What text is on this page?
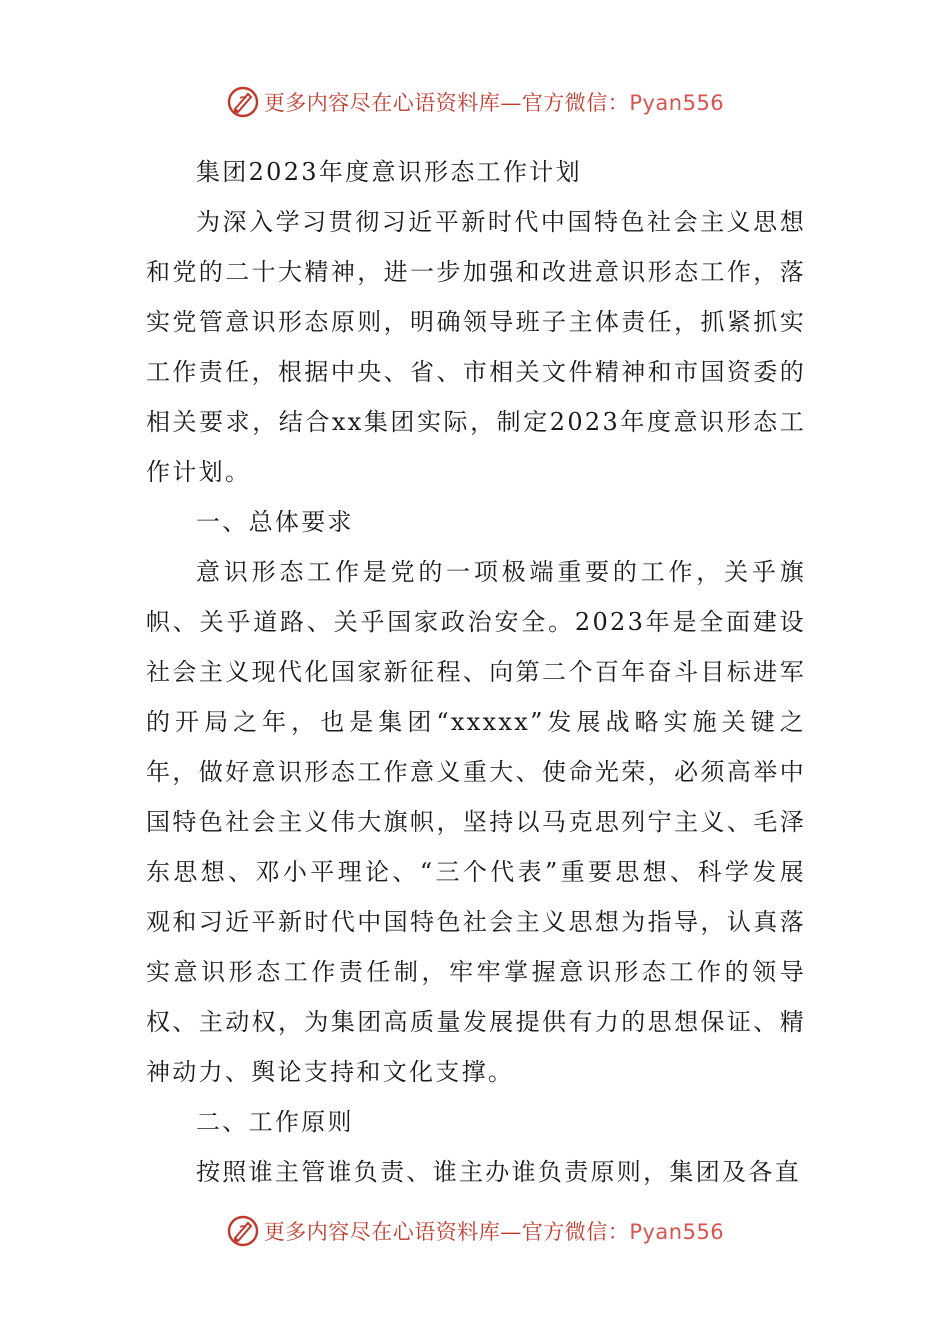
更多内容尽在心语资料库—官方微信：Pyan556

集团2023年度意识形态工作计划

为深入学习贯彻习近平新时代中国特色社会主义思想和党的二十大精神，进一步加强和改进意识形态工作，落实党管意识形态原则，明确领导班子主体责任，抓紧抓实工作责任，根据中央、省、市相关文件精神和市国资委的相关要求，结合xx集团实际，制定2023年度意识形态工作计划。

一、总体要求

意识形态工作是党的一项极端重要的工作，关乎旗帜、关乎道路、关乎国家政治安全。2023年是全面建设社会主义现代化国家新征程、向第二个百年奋斗目标进军的开局之年，也是集团“xxxxx”发展战略实施关键之年，做好意识形态工作意义重大、使命光荣，必须高举中国特色社会主义伟大旗帜，坚持以马克思列宁主义、毛泽东思想、邓小平理论、“三个代表”重要思想、科学发展观和习近平新时代中国特色社会主义思想为指导，认真落实意识形态工作责任制，牢牢掌握意识形态工作的领导权、主动权，为集团高质量发展提供有力的思想保证、精神动力、舆论支持和文化支撑。

二、工作原则

按照谁主管谁负责、谁主办谁负责原则，集团及各直

更多内容尽在心语资料库—官方微信：Pyan556
